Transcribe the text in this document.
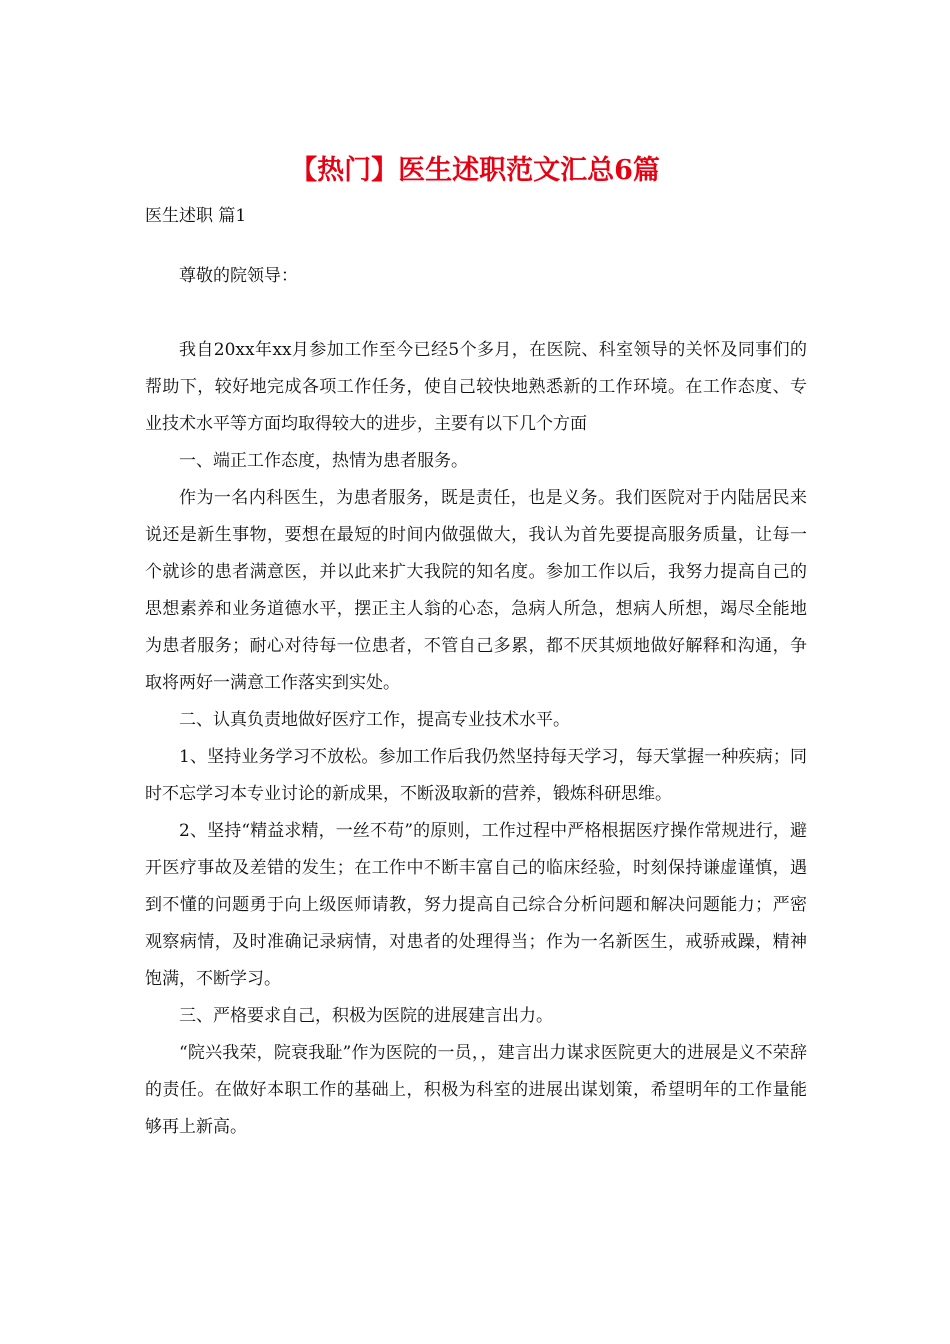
【热门】医生述职范文汇总6篇
医生述职 篇1

尊敬的院领导：

我自20xx年xx月参加工作至今已经5个多月，在医院、科室领导的关怀及同事们的帮助下，较好地完成各项工作任务，使自己较快地熟悉新的工作环境。在工作态度、专业技术水平等方面均取得较大的进步，主要有以下几个方面

一、端正工作态度，热情为患者服务。

作为一名内科医生，为患者服务，既是责任，也是义务。我们医院对于内陆居民来说还是新生事物，要想在最短的时间内做强做大，我认为首先要提高服务质量，让每一个就诊的患者满意医，并以此来扩大我院的知名度。参加工作以后，我努力提高自己的思想素养和业务道德水平，摆正主人翁的心态，急病人所急，想病人所想，竭尽全能地为患者服务；耐心对待每一位患者，不管自己多累，都不厌其烦地做好解释和沟通，争取将两好一满意工作落实到实处。

二、认真负责地做好医疗工作，提高专业技术水平。

1、坚持业务学习不放松。参加工作后我仍然坚持每天学习，每天掌握一种疾病；同时不忘学习本专业讨论的新成果，不断汲取新的营养，锻炼科研思维。

2、坚持“精益求精，一丝不苟”的原则，工作过程中严格根据医疗操作常规进行，避开医疗事故及差错的发生；在工作中不断丰富自己的临床经验，时刻保持谦虚谨慎，遇到不懂的问题勇于向上级医师请教，努力提高自己综合分析问题和解决问题能力；严密观察病情，及时准确记录病情，对患者的处理得当；作为一名新医生，戒骄戒躁，精神饱满，不断学习。

三、严格要求自己，积极为医院的进展建言出力。

“院兴我荣，院衰我耻”作为医院的一员，，建言出力谋求医院更大的进展是义不荣辞的责任。在做好本职工作的基础上，积极为科室的进展出谋划策，希望明年的工作量能够再上新高。
